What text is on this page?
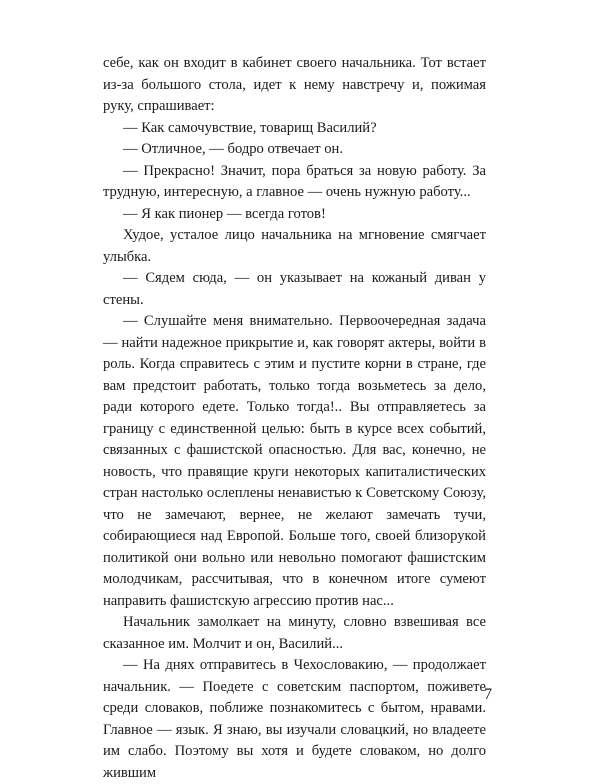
себе, как он входит в кабинет своего начальника. Тот встает из-за большого стола, идет к нему навстречу и, пожимая руку, спрашивает:

— Как самочувствие, товарищ Василий?

— Отличное, — бодро отвечает он.

— Прекрасно! Значит, пора браться за новую работу. За трудную, интересную, а главное — очень нужную работу...

— Я как пионер — всегда готов!

Худое, усталое лицо начальника на мгновение смягчает улыбка.

— Сядем сюда, — он указывает на кожаный диван у стены.

— Слушайте меня внимательно. Первоочередная задача — найти надежное прикрытие и, как говорят актеры, войти в роль. Когда справитесь с этим и пустите корни в стране, где вам предстоит работать, только тогда возьметесь за дело, ради которого едете. Только тогда!.. Вы отправляетесь за границу с единственной целью: быть в курсе всех событий, связанных с фашистской опасностью. Для вас, конечно, не новость, что правящие круги некоторых капиталистических стран настолько ослеплены ненавистью к Советскому Союзу, что не замечают, вернее, не желают замечать тучи, собирающиеся над Европой. Больше того, своей близорукой политикой они вольно или невольно помогают фашистским молодчикам, рассчитывая, что в конечном итоге сумеют направить фашистскую агрессию против нас...

Начальник замолкает на минуту, словно взвешивая все сказанное им. Молчит и он, Василий...

— На днях отправитесь в Чехословакию, — продолжает начальник. — Поедете с советским паспортом, поживете среди словаков, поближе познакомитесь с бытом, нравами. Главное — язык. Я знаю, вы изучали словацкий, но владеете им слабо. Поэтому вы хотя и будете словаком, но долго жившим

7
